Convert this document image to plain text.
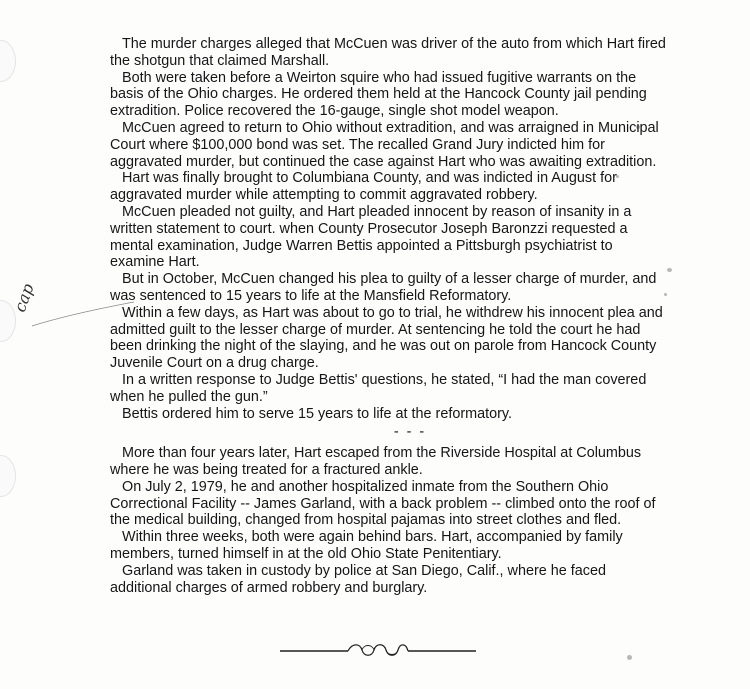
cap

The murder charges alleged that McCuen was driver of the auto from which Hart fired the shotgun that claimed Marshall.

Both were taken before a Weirton squire who had issued fugitive warrants on the basis of the Ohio charges. He ordered them held at the Hancock County jail pending extradition. Police recovered the 16-gauge, single shot model weapon.

McCuen agreed to return to Ohio without extradition, and was arraigned in Municipal Court where $100,000 bond was set. The recalled Grand Jury indicted him for aggravated murder, but continued the case against Hart who was awaiting extradition.

Hart was finally brought to Columbiana County, and was indicted in August for aggravated murder while attempting to commit aggravated robbery.

McCuen pleaded not guilty, and Hart pleaded innocent by reason of insanity in a written statement to court. when County Prosecutor Joseph Baronzzi requested a mental examination, Judge Warren Bettis appointed a Pittsburgh psychiatrist to examine Hart.

But in October, McCuen changed his plea to guilty of a lesser charge of murder, and was sentenced to 15 years to life at the Mansfield Reformatory.

Within a few days, as Hart was about to go to trial, he withdrew his innocent plea and admitted guilt to the lesser charge of murder. At sentencing he told the court he had been drinking the night of the slaying, and he was out on parole from Hancock County Juvenile Court on a drug charge.

In a written response to Judge Bettis' questions, he stated, “I had the man covered when he pulled the gun.”

Bettis ordered him to serve 15 years to life at the reformatory.

- - -

More than four years later, Hart escaped from the Riverside Hospital at Columbus where he was being treated for a fractured ankle.

On July 2, 1979, he and another hospitalized inmate from the Southern Ohio Correctional Facility -- James Garland, with a back problem -- climbed onto the roof of the medical building, changed from hospital pajamas into street clothes and fled.

Within three weeks, both were again behind bars. Hart, accompanied by family members, turned himself in at the old Ohio State Penitentiary.

Garland was taken in custody by police at San Diego, Calif., where he faced additional charges of armed robbery and burglary.
